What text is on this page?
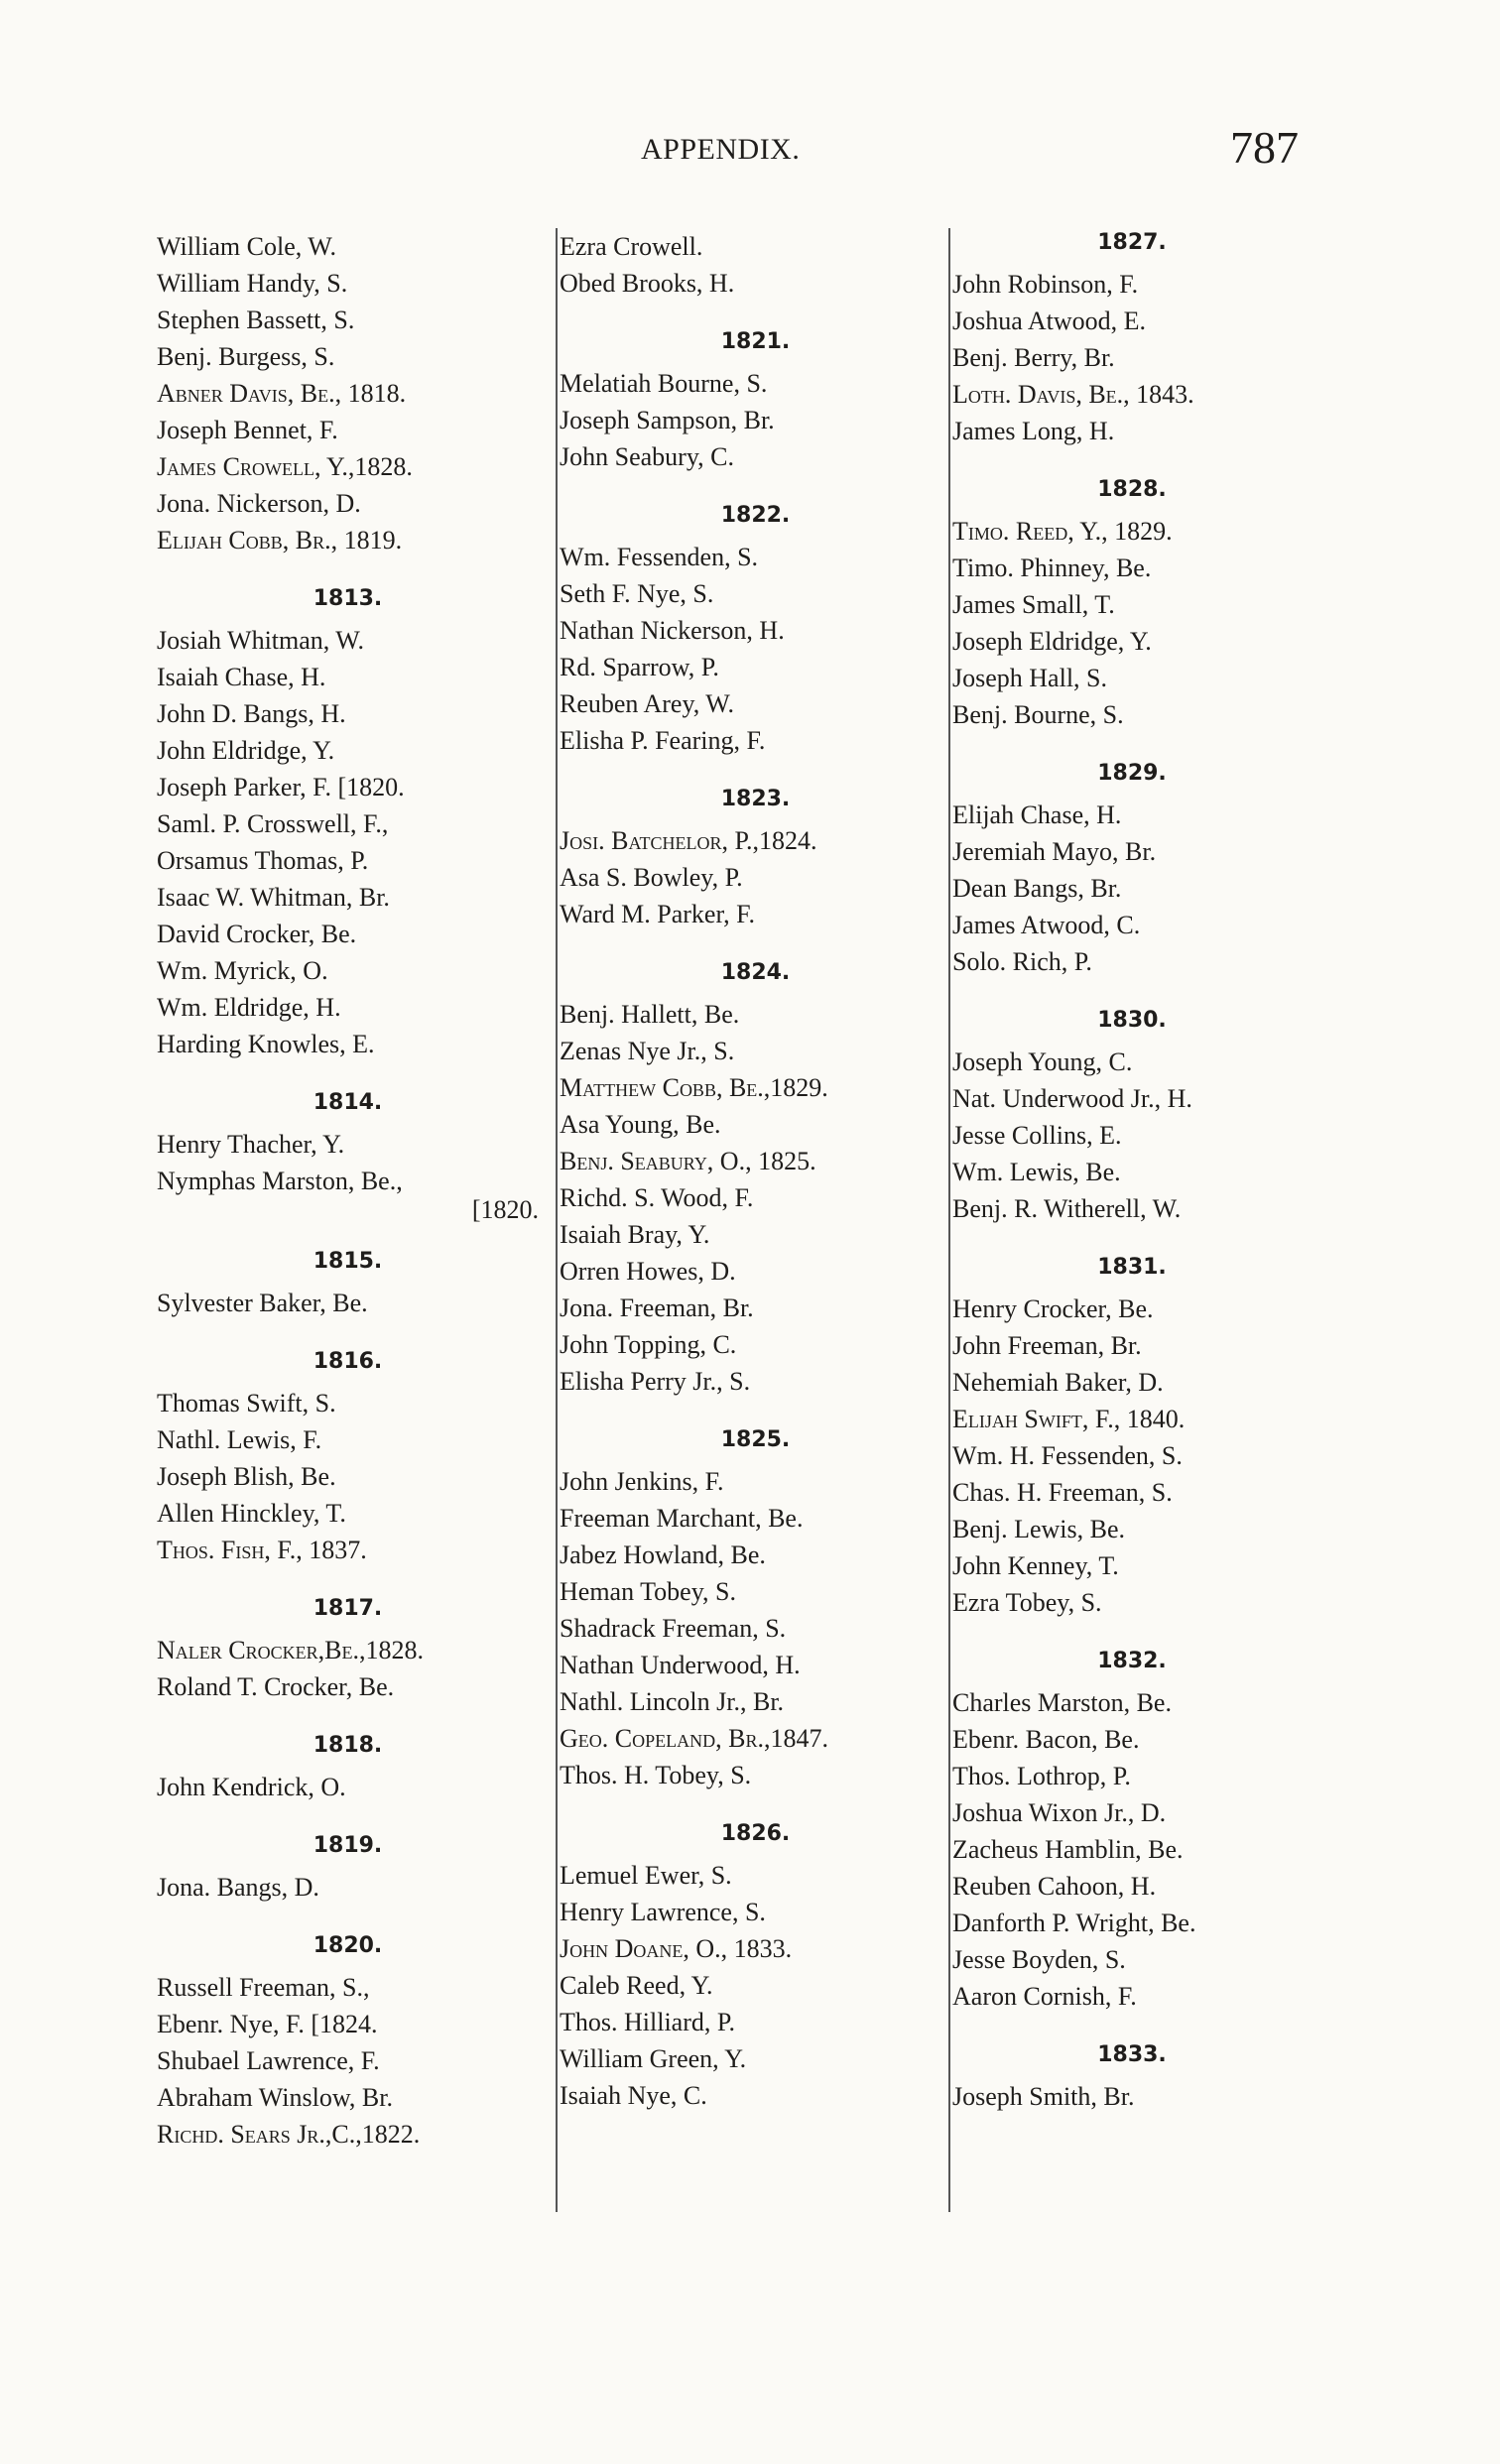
APPENDIX.	787
William Cole, W.
William Handy, S.
Stephen Bassett, S.
Benj. Burgess, S.
Abner Davis, Be., 1818.
Joseph Bennet, F.
James Crowell, Y.,1828.
Jona. Nickerson, D.
Elijah Cobb, Br., 1819.
1813.
Josiah Whitman, W.
Isaiah Chase, H.
John D. Bangs, H.
John Eldridge, Y.
Joseph Parker, F. [1820.
Saml. P. Crosswell, F.,
Orsamus Thomas, P.
Isaac W. Whitman, Br.
David Crocker, Be.
Wm. Myrick, O.
Wm. Eldridge, H.
Harding Knowles, E.
1814.
Henry Thacher, Y.
Nymphas Marston, Be.,
[1820.
1815.
Sylvester Baker, Be.
1816.
Thomas Swift, S.
Nathl. Lewis, F.
Joseph Blish, Be.
Allen Hinckley, T.
Thos. Fish, F., 1837.
1817.
Naler Crocker,Be.,1828.
Roland T. Crocker, Be.
1818.
John Kendrick, O.
1819.
Jona. Bangs, D.
1820.
Russell Freeman, S.,
Ebenr. Nye, F. [1824.
Shubael Lawrence, F.
Abraham Winslow, Br.
Richd. Sears Jr.,C.,1822.
Ezra Crowell.
Obed Brooks, H.
1821.
Melatiah Bourne, S.
Joseph Sampson, Br.
John Seabury, C.
1822.
Wm. Fessenden, S.
Seth F. Nye, S.
Nathan Nickerson, H.
Rd. Sparrow, P.
Reuben Arey, W.
Elisha P. Fearing, F.
1823.
Josi. Batchelor, P.,1824.
Asa S. Bowley, P.
Ward M. Parker, F.
1824.
Benj. Hallett, Be.
Zenas Nye Jr., S.
Matthew Cobb, Be.,1829.
Asa Young, Be.
Benj. Seabury, O., 1825.
Richd. S. Wood, F.
Isaiah Bray, Y.
Orren Howes, D.
Jona. Freeman, Br.
John Topping, C.
Elisha Perry Jr., S.
1825.
John Jenkins, F.
Freeman Marchant, Be.
Jabez Howland, Be.
Heman Tobey, S.
Shadrack Freeman, S.
Nathan Underwood, H.
Nathl. Lincoln Jr., Br.
Geo. Copeland, Br.,1847.
Thos. H. Tobey, S.
1826.
Lemuel Ewer, S.
Henry Lawrence, S.
John Doane, O., 1833.
Caleb Reed, Y.
Thos. Hilliard, P.
William Green, Y.
Isaiah Nye, C.
1827.
John Robinson, F.
Joshua Atwood, E.
Benj. Berry, Br.
Loth. Davis, Be., 1843.
James Long, H.
1828.
Timo. Reed, Y., 1829.
Timo. Phinney, Be.
James Small, T.
Joseph Eldridge, Y.
Joseph Hall, S.
Benj. Bourne, S.
1829.
Elijah Chase, H.
Jeremiah Mayo, Br.
Dean Bangs, Br.
James Atwood, C.
Solo. Rich, P.
1830.
Joseph Young, C.
Nat. Underwood Jr., H.
Jesse Collins, E.
Wm. Lewis, Be.
Benj. R. Witherell, W.
1831.
Henry Crocker, Be.
John Freeman, Br.
Nehemiah Baker, D.
Elijah Swift, F., 1840.
Wm. H. Fessenden, S.
Chas. H. Freeman, S.
Benj. Lewis, Be.
John Kenney, T.
Ezra Tobey, S.
1832.
Charles Marston, Be.
Ebenr. Bacon, Be.
Thos. Lothrop, P.
Joshua Wixon Jr., D.
Zacheus Hamblin, Be.
Reuben Cahoon, H.
Danforth P. Wright, Be.
Jesse Boyden, S.
Aaron Cornish, F.
1833.
Joseph Smith, Br.
